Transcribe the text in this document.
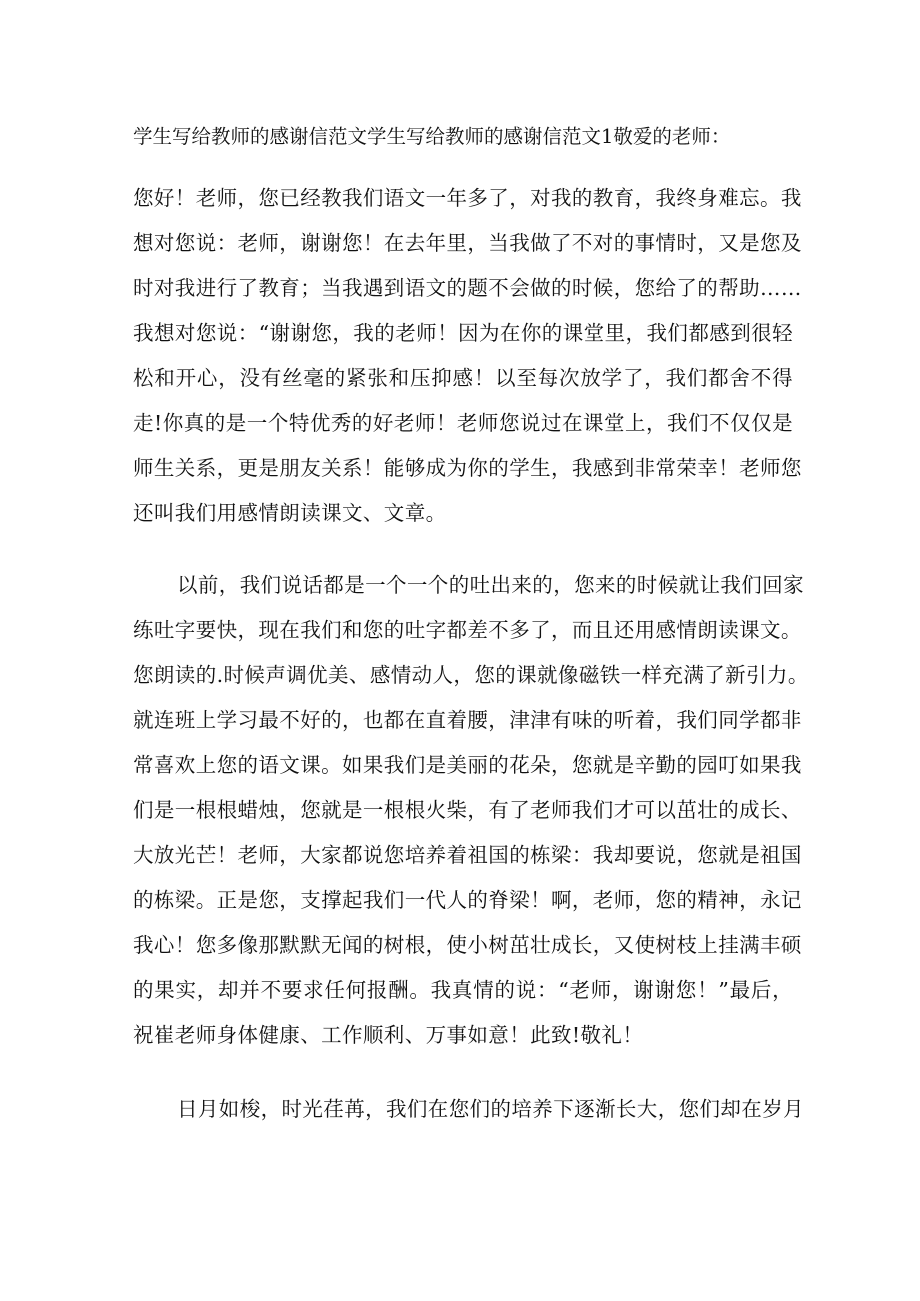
学生写给教师的感谢信范文学生写给教师的感谢信范文1敬爱的老师：
您好！老师，您已经教我们语文一年多了，对我的教育，我终身难忘。我
想对您说：老师，谢谢您！在去年里，当我做了不对的事情时，又是您及
时对我进行了教育；当我遇到语文的题不会做的时候，您给了的帮助……
我想对您说：“谢谢您，我的老师！因为在你的课堂里，我们都感到很轻
松和开心，没有丝毫的紧张和压抑感！以至每次放学了，我们都舍不得
走!你真的是一个特优秀的好老师！老师您说过在课堂上，我们不仅仅是
师生关系，更是朋友关系！能够成为你的学生，我感到非常荣幸！老师您
还叫我们用感情朗读课文、文章。
以前，我们说话都是一个一个的吐出来的，您来的时候就让我们回家
练吐字要快，现在我们和您的吐字都差不多了，而且还用感情朗读课文。
您朗读的.时候声调优美、感情动人，您的课就像磁铁一样充满了新引力。
就连班上学习最不好的，也都在直着腰，津津有味的听着，我们同学都非
常喜欢上您的语文课。如果我们是美丽的花朵，您就是辛勤的园叮如果我
们是一根根蜡烛，您就是一根根火柴，有了老师我们才可以茁壮的成长、
大放光芒！老师，大家都说您培养着祖国的栋梁：我却要说，您就是祖国
的栋梁。正是您，支撑起我们一代人的脊梁！啊，老师，您的精神，永记
我心！您多像那默默无闻的树根，使小树茁壮成长，又使树枝上挂满丰硕
的果实，却并不要求任何报酬。我真情的说：“老师，谢谢您！”最后，
祝崔老师身体健康、工作顺利、万事如意！此致!敬礼！
日月如梭，时光荏苒，我们在您们的培养下逐渐长大，您们却在岁月
